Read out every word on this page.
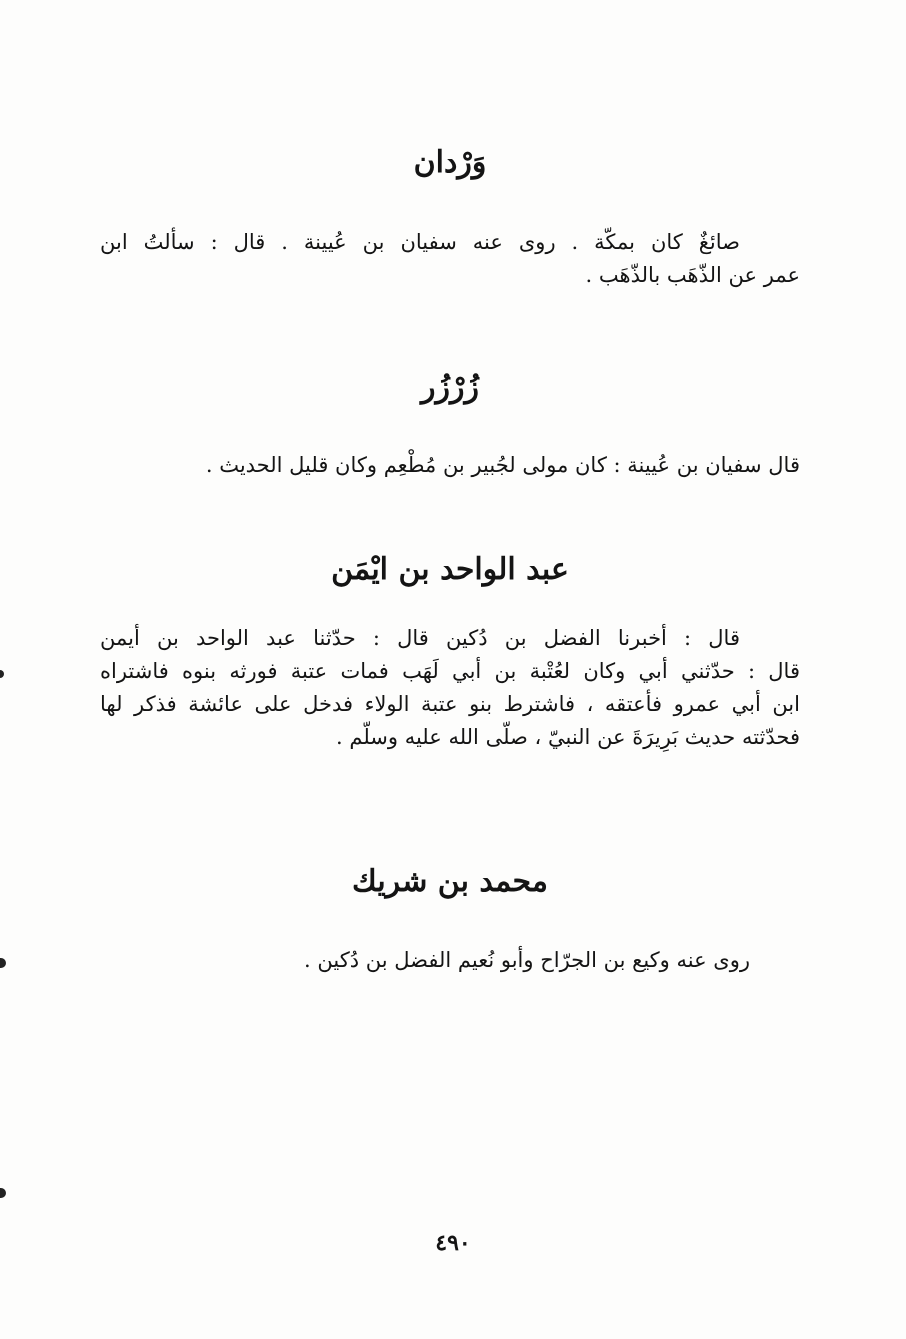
وَرْدان
صائغٌ كان بمكّة . روى عنه سفيان بن عُيينة . قال : سألتُ ابن
عمر عن الذّهَب بالذّهَب .
زُرْزُر
قال سفيان بن عُيينة : كان مولى لجُبير بن مُطْعِم وكان قليل الحديث .
عبد الواحد بن ايْمَن
قال : أخبرنا الفضل بن دُكين قال : حدّثنا عبد الواحد بن أيمن
قال : حدّثني أبي وكان لعُتْبة بن أبي لَهَب فمات عتبة فورثه بنوه فاشتراه
ابن أبي عمرو فأعتقه ، فاشترط بنو عتبة الولاء فدخل على عائشة فذكر لها
فحدّثته حديث بَرِيرَةَ عن النبيّ ، صلّى الله عليه وسلّم .
محمد بن شريك
روى عنه وكيع بن الجرّاح وأبو نُعيم الفضل بن دُكين .
٤٩٠
